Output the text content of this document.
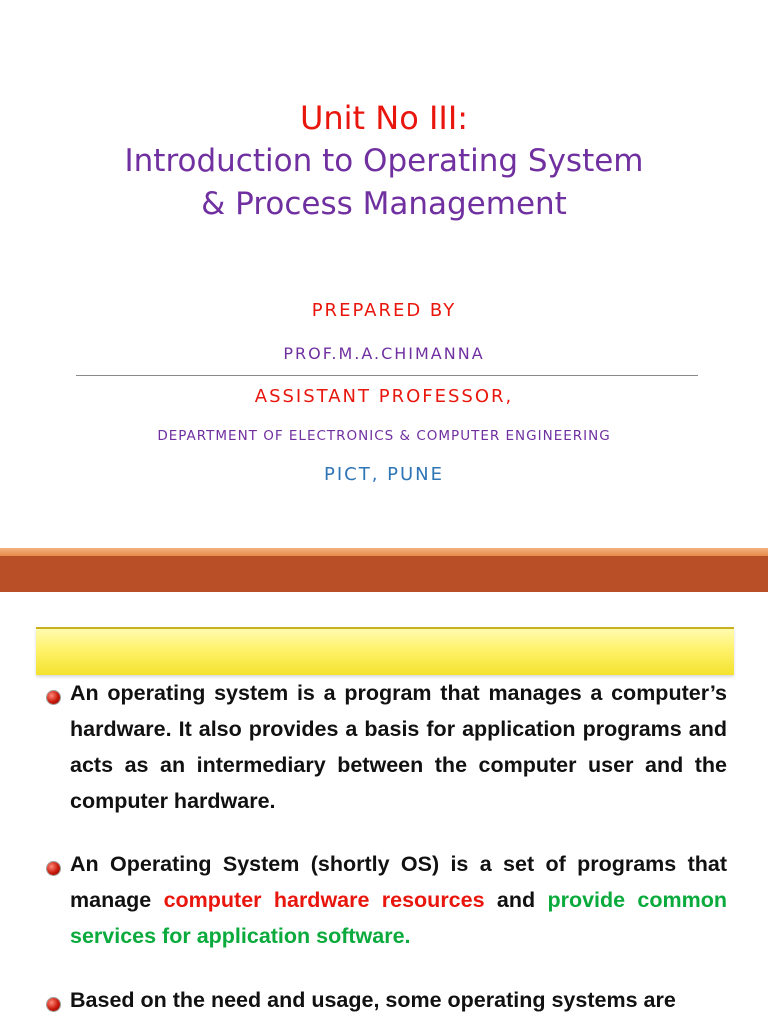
Unit No III:
Introduction to Operating System
& Process Management
PREPARED BY
PROF.M.A.CHIMANNA
ASSISTANT PROFESSOR,
DEPARTMENT OF ELECTRONICS & COMPUTER ENGINEERING
PICT, PUNE
An operating system is a program that manages a computer’s hardware. It also provides a basis for application programs and acts as an intermediary between the computer user and the computer hardware.
An Operating System (shortly OS) is a set of programs that manage computer hardware resources and provide common services for application software.
Based on the need and usage, some operating systems are
